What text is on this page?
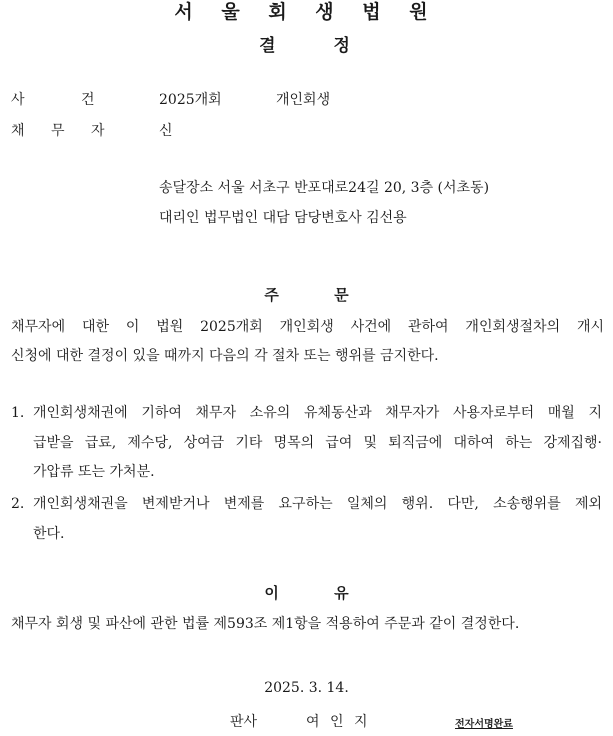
서 울 회 생 법 원
결 정
사 건	2025개회	개인회생
채 무 자	신
송달장소 서울 서초구 반포대로24길 20, 3층 (서초동)
대리인 법무법인 대담 담당변호사 김선용
주 문
채무자에 대한 이 법원 2025개회 개인회생 사건에 관하여 개인회생절차의 개시
신청에 대한 결정이 있을 때까지 다음의 각 절차 또는 행위를 금지한다.
1. 개인회생채권에 기하여 채무자 소유의 유체동산과 채무자가 사용자로부터 매월 지
급받을 급료, 제수당, 상여금 기타 명목의 급여 및 퇴직금에 대하여 하는 강제집행·
가압류 또는 가처분.
2. 개인회생채권을 변제받거나 변제를 요구하는 일체의 행위. 다만, 소송행위를 제외
한다.
이 유
채무자 회생 및 파산에 관한 법률 제593조 제1항을 적용하여 주문과 같이 결정한다.
2025. 3. 14.
판사	여 인 지	전자서명완료
